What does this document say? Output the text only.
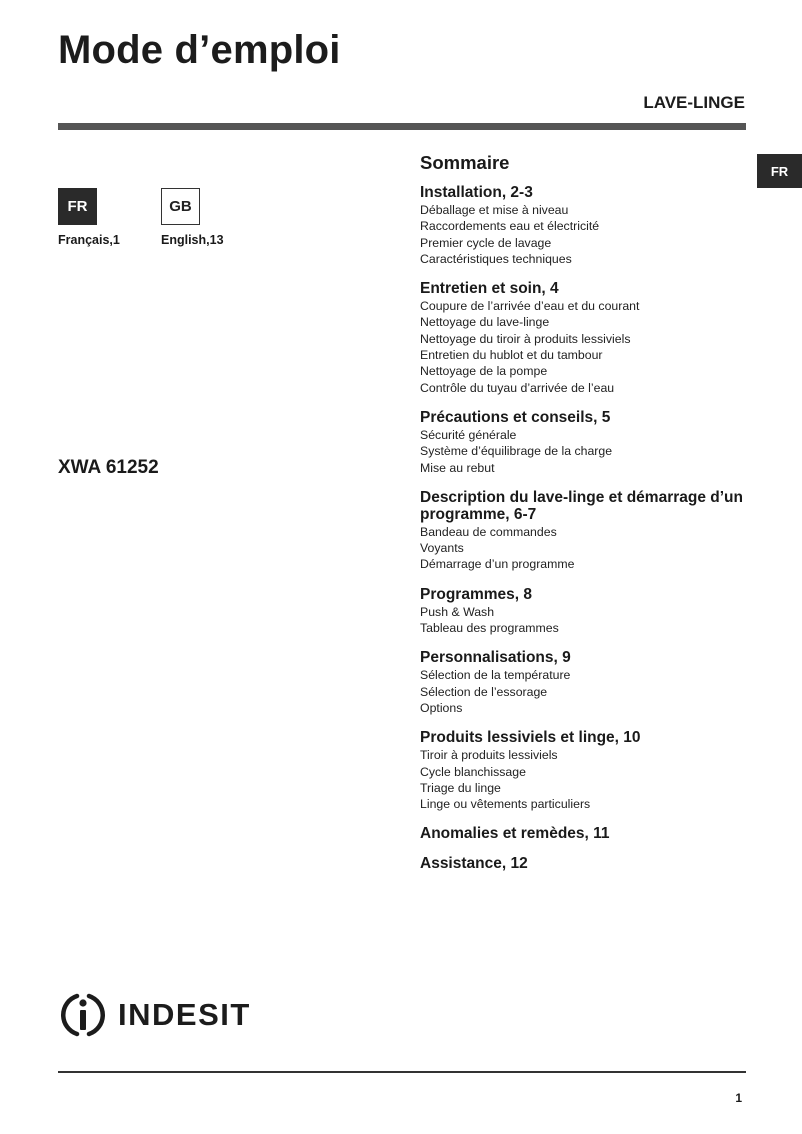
Mode d’emploi
LAVE-LINGE
FR
FR
Français,1
GB
English,13
XWA 61252
Sommaire
Installation, 2-3
Déballage et mise à niveau
Raccordements eau et électricité
Premier cycle de lavage
Caractéristiques techniques
Entretien et soin, 4
Coupure de l’arrivée d’eau et du courant
Nettoyage du lave-linge
Nettoyage du tiroir à produits lessiviels
Entretien du hublot et du tambour
Nettoyage de la pompe
Contrôle du tuyau d’arrivée de l’eau
Précautions et conseils, 5
Sécurité générale
Système d’équilibrage de la charge
Mise au rebut
Description du lave-linge et démarrage d’un programme, 6-7
Bandeau de commandes
Voyants
Démarrage d’un programme
Programmes, 8
Push & Wash
Tableau des programmes
Personnalisations, 9
Sélection de la température
Sélection de l’essorage
Options
Produits lessiviels et linge, 10
Tiroir à produits lessiviels
Cycle blanchissage
Triage du linge
Linge ou vêtements particuliers
Anomalies et remèdes, 11
Assistance, 12
INDESIT
1
